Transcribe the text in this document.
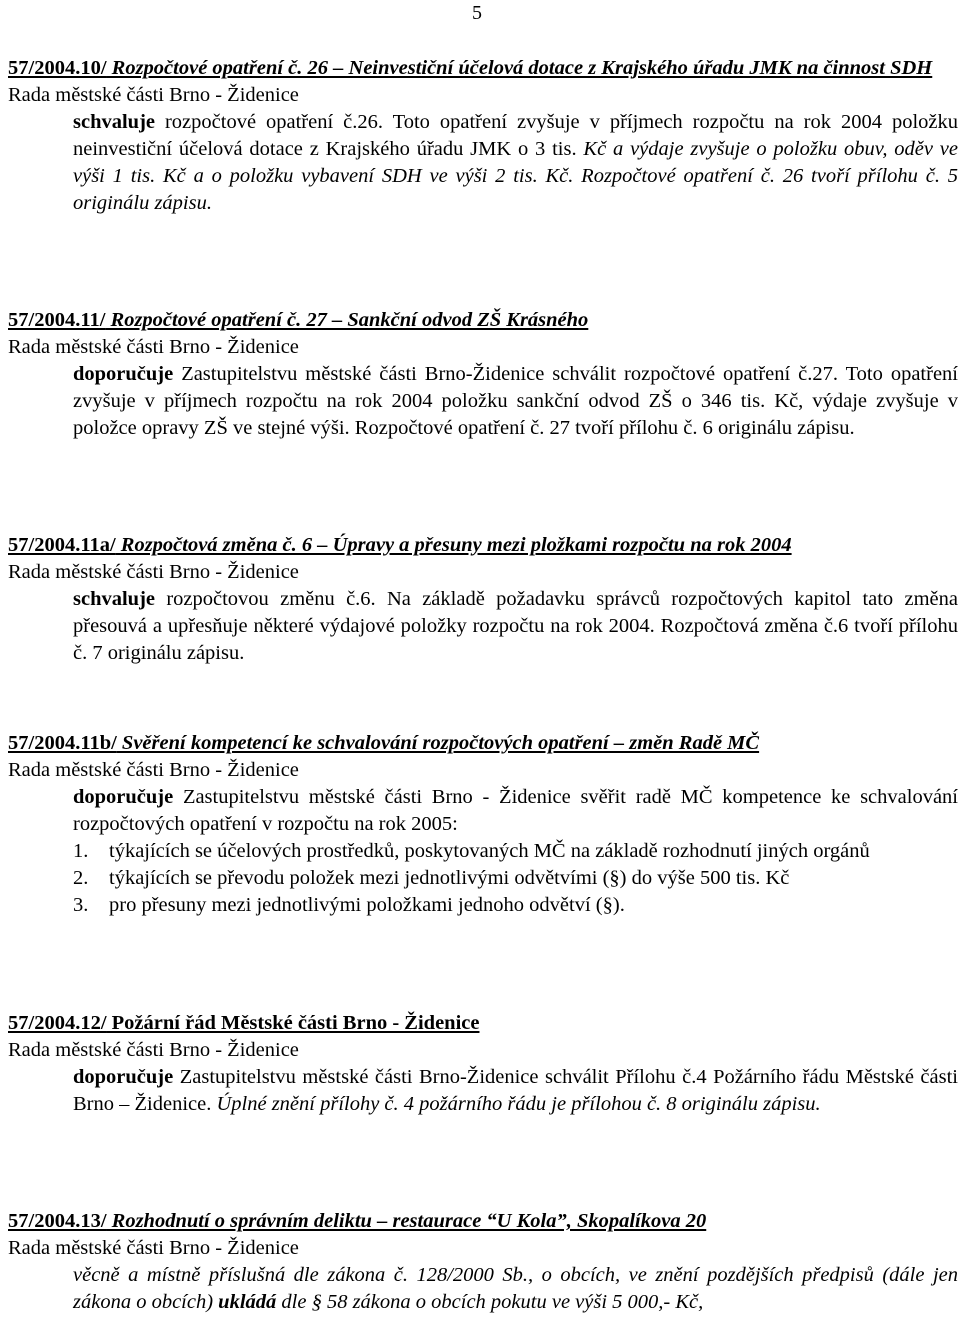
5
57/2004.10/ Rozpočtové opatření č. 26 – Neinvestiční účelová dotace z Krajského úřadu JMK na činnost SDH
Rada městské části Brno - Židenice
schvaluje rozpočtové opatření č.26. Toto opatření zvyšuje v příjmech rozpočtu na rok 2004 položku neinvestiční účelová dotace z Krajského úřadu JMK o 3 tis. Kč a výdaje zvyšuje o položku obuv, oděv ve výši 1 tis. Kč a o položku vybavení SDH ve výši 2 tis. Kč. Rozpočtové opatření č. 26 tvoří přílohu č. 5 originálu zápisu.
57/2004.11/ Rozpočtové opatření č. 27 – Sankční odvod ZŠ Krásného
Rada městské části Brno - Židenice
doporučuje Zastupitelstvu městské části Brno-Židenice schválit rozpočtové opatření č.27. Toto opatření zvyšuje v příjmech rozpočtu na rok 2004 položku sankční odvod ZŠ o 346 tis. Kč, výdaje zvyšuje v položce opravy ZŠ ve stejné výši. Rozpočtové opatření č. 27 tvoří přílohu č. 6 originálu zápisu.
57/2004.11a/ Rozpočtová změna č. 6 – Úpravy a přesuny mezi pložkami rozpočtu na rok 2004
Rada městské části Brno - Židenice
schvaluje rozpočtovou změnu č.6. Na základě požadavku správců rozpočtových kapitol tato změna přesouvá a upřesňuje některé výdajové položky rozpočtu na rok 2004. Rozpočtová změna č.6 tvoří přílohu č. 7 originálu zápisu.
57/2004.11b/ Svěření kompetencí ke schvalování rozpočtových opatření – změn Radě MČ
Rada městské části Brno - Židenice
doporučuje Zastupitelstvu městské části Brno - Židenice svěřit radě MČ kompetence ke schvalování rozpočtových opatření v rozpočtu na rok 2005:
1. týkajících se účelových prostředků, poskytovaných MČ na základě rozhodnutí jiných orgánů
2. týkajících se převodu položek mezi jednotlivými odvětvími (§) do výše 500 tis. Kč
3. pro přesuny mezi jednotlivými položkami jednoho odvětví (§).
57/2004.12/ Požární řád Městské části Brno - Židenice
Rada městské části Brno - Židenice
doporučuje Zastupitelstvu městské části Brno-Židenice schválit Přílohu č.4 Požárního řádu Městské části Brno – Židenice. Úplné znění přílohy č. 4 požárního řádu je přílohou č. 8 originálu zápisu.
57/2004.13/ Rozhodnutí o správním deliktu – restaurace “U Kola”, Skopalíkova 20
Rada městské části Brno - Židenice
věcně a místně příslušná dle zákona č. 128/2000 Sb., o obcích, ve znění pozdějších předpisů (dále jen zákona o obcích) ukládá dle § 58 zákona o obcích pokutu ve výši 5 000,- Kč,
